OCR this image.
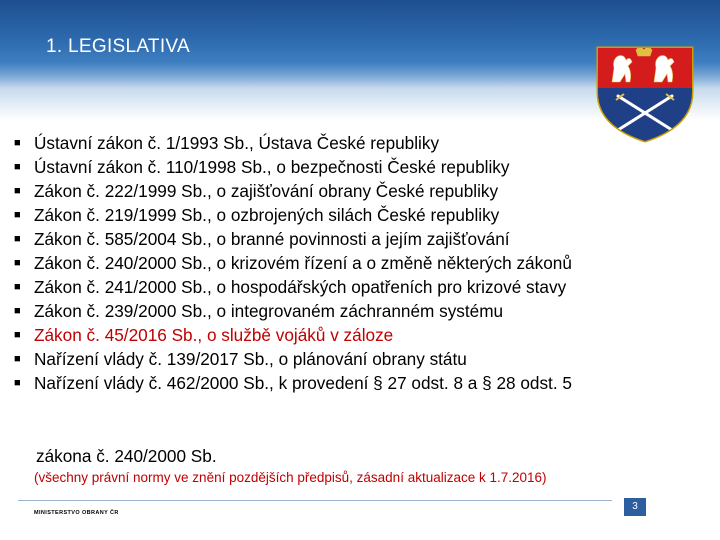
1. LEGISLATIVA
■ Ústavní zákon č. 1/1993 Sb., Ústava České republiky
■ Ústavní zákon č. 110/1998 Sb., o bezpečnosti České republiky
■ Zákon č. 222/1999 Sb., o zajišťování obrany České republiky
■ Zákon č. 219/1999 Sb., o ozbrojených silách České republiky
■ Zákon č. 585/2004 Sb., o branné povinnosti a jejím zajišťování
■ Zákon č. 240/2000 Sb., o krizovém řízení a o změně některých zákonů
■ Zákon č. 241/2000 Sb., o hospodářských opatřeních pro krizové stavy
■ Zákon č. 239/2000 Sb., o integrovaném záchranném systému
■ Zákon č. 45/2016 Sb., o službě vojáků v záloze
■ Nařízení vlády č. 139/2017 Sb., o plánování obrany státu
■ Nařízení vlády č. 462/2000 Sb., k provedení § 27 odst. 8 a § 28 odst. 5
zákona č. 240/2000 Sb.
(všechny právní normy ve znění pozdějších předpisů, zásadní aktualizace k 1.7.2016)
3
MINISTERSTVO OBRANY ČR
